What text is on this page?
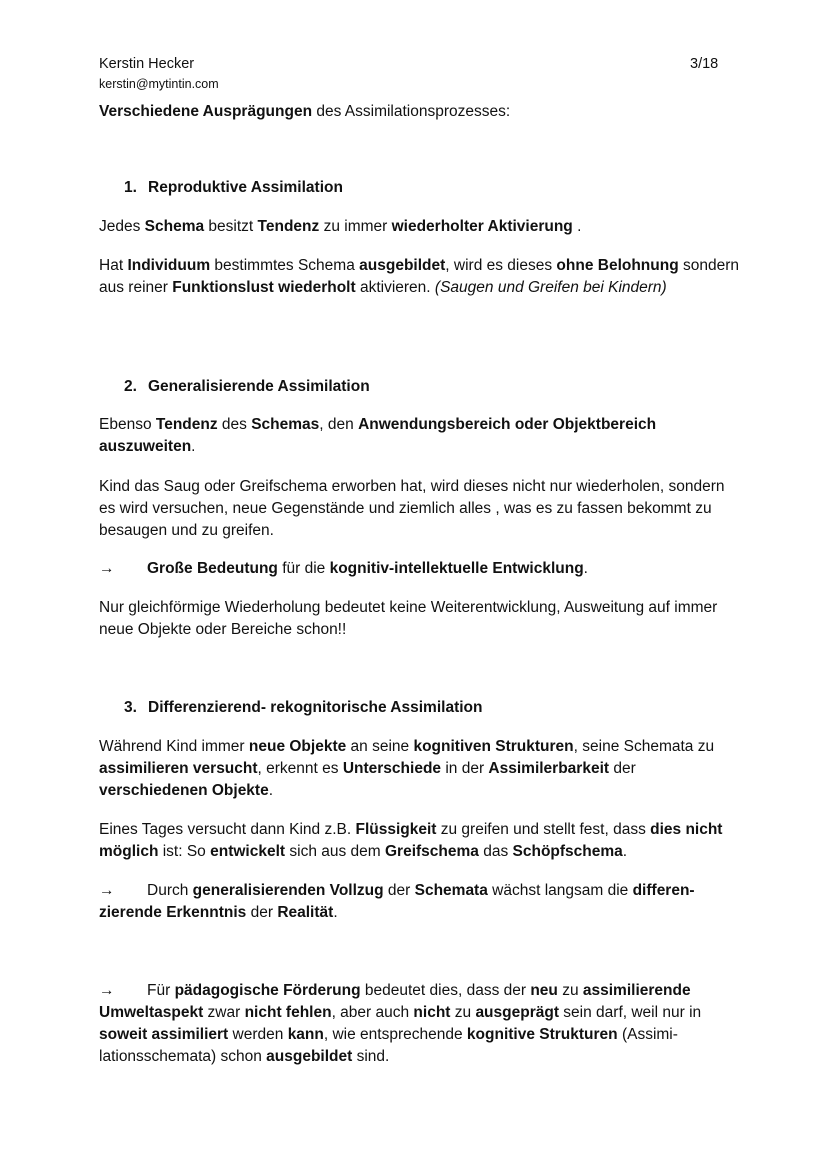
Kerstin Hecker
kerstin@mytintin.com
3/18
Verschiedene Ausprägungen des Assimilationsprozesses:
1. Reproduktive Assimilation
Jedes Schema besitzt Tendenz zu immer wiederholter Aktivierung .
Hat Individuum bestimmtes Schema ausgebildet, wird es dieses ohne Belohnung sondern aus reiner Funktionslust wiederholt aktivieren. (Saugen und Greifen bei Kindern)
2. Generalisierende Assimilation
Ebenso Tendenz des Schemas, den Anwendungsbereich oder Objektbereich auszuweiten.
Kind das Saug oder Greifschema erworben hat, wird dieses nicht nur wiederholen, sondern es wird versuchen, neue Gegenstände und ziemlich alles , was es zu fassen bekommt zu besaugen und zu greifen.
→ Große Bedeutung für die kognitiv-intellektuelle Entwicklung.
Nur gleichförmige Wiederholung bedeutet keine Weiterentwicklung, Ausweitung auf immer neue Objekte oder Bereiche schon!!
3. Differenzierend- rekognitorische Assimilation
Während Kind immer neue Objekte an seine kognitiven Strukturen, seine Schemata zu assimilieren versucht, erkennt es Unterschiede in der Assimilerbarkeit der verschiedenen Objekte.
Eines Tages versucht dann Kind z.B. Flüssigkeit zu greifen und stellt fest, dass dies nicht möglich ist: So entwickelt sich aus dem Greifschema das Schöpfschema.
→ Durch generalisierenden Vollzug der Schemata wächst langsam die differen-zierende Erkenntnis der Realität.
→ Für pädagogische Förderung bedeutet dies, dass der neu zu assimilierende Umweltaspekt zwar nicht fehlen, aber auch nicht zu ausgeprägt sein darf, weil nur in soweit assimiliert werden kann, wie entsprechende kognitive Strukturen (Assimi-lationsschemata) schon ausgebildet sind.
